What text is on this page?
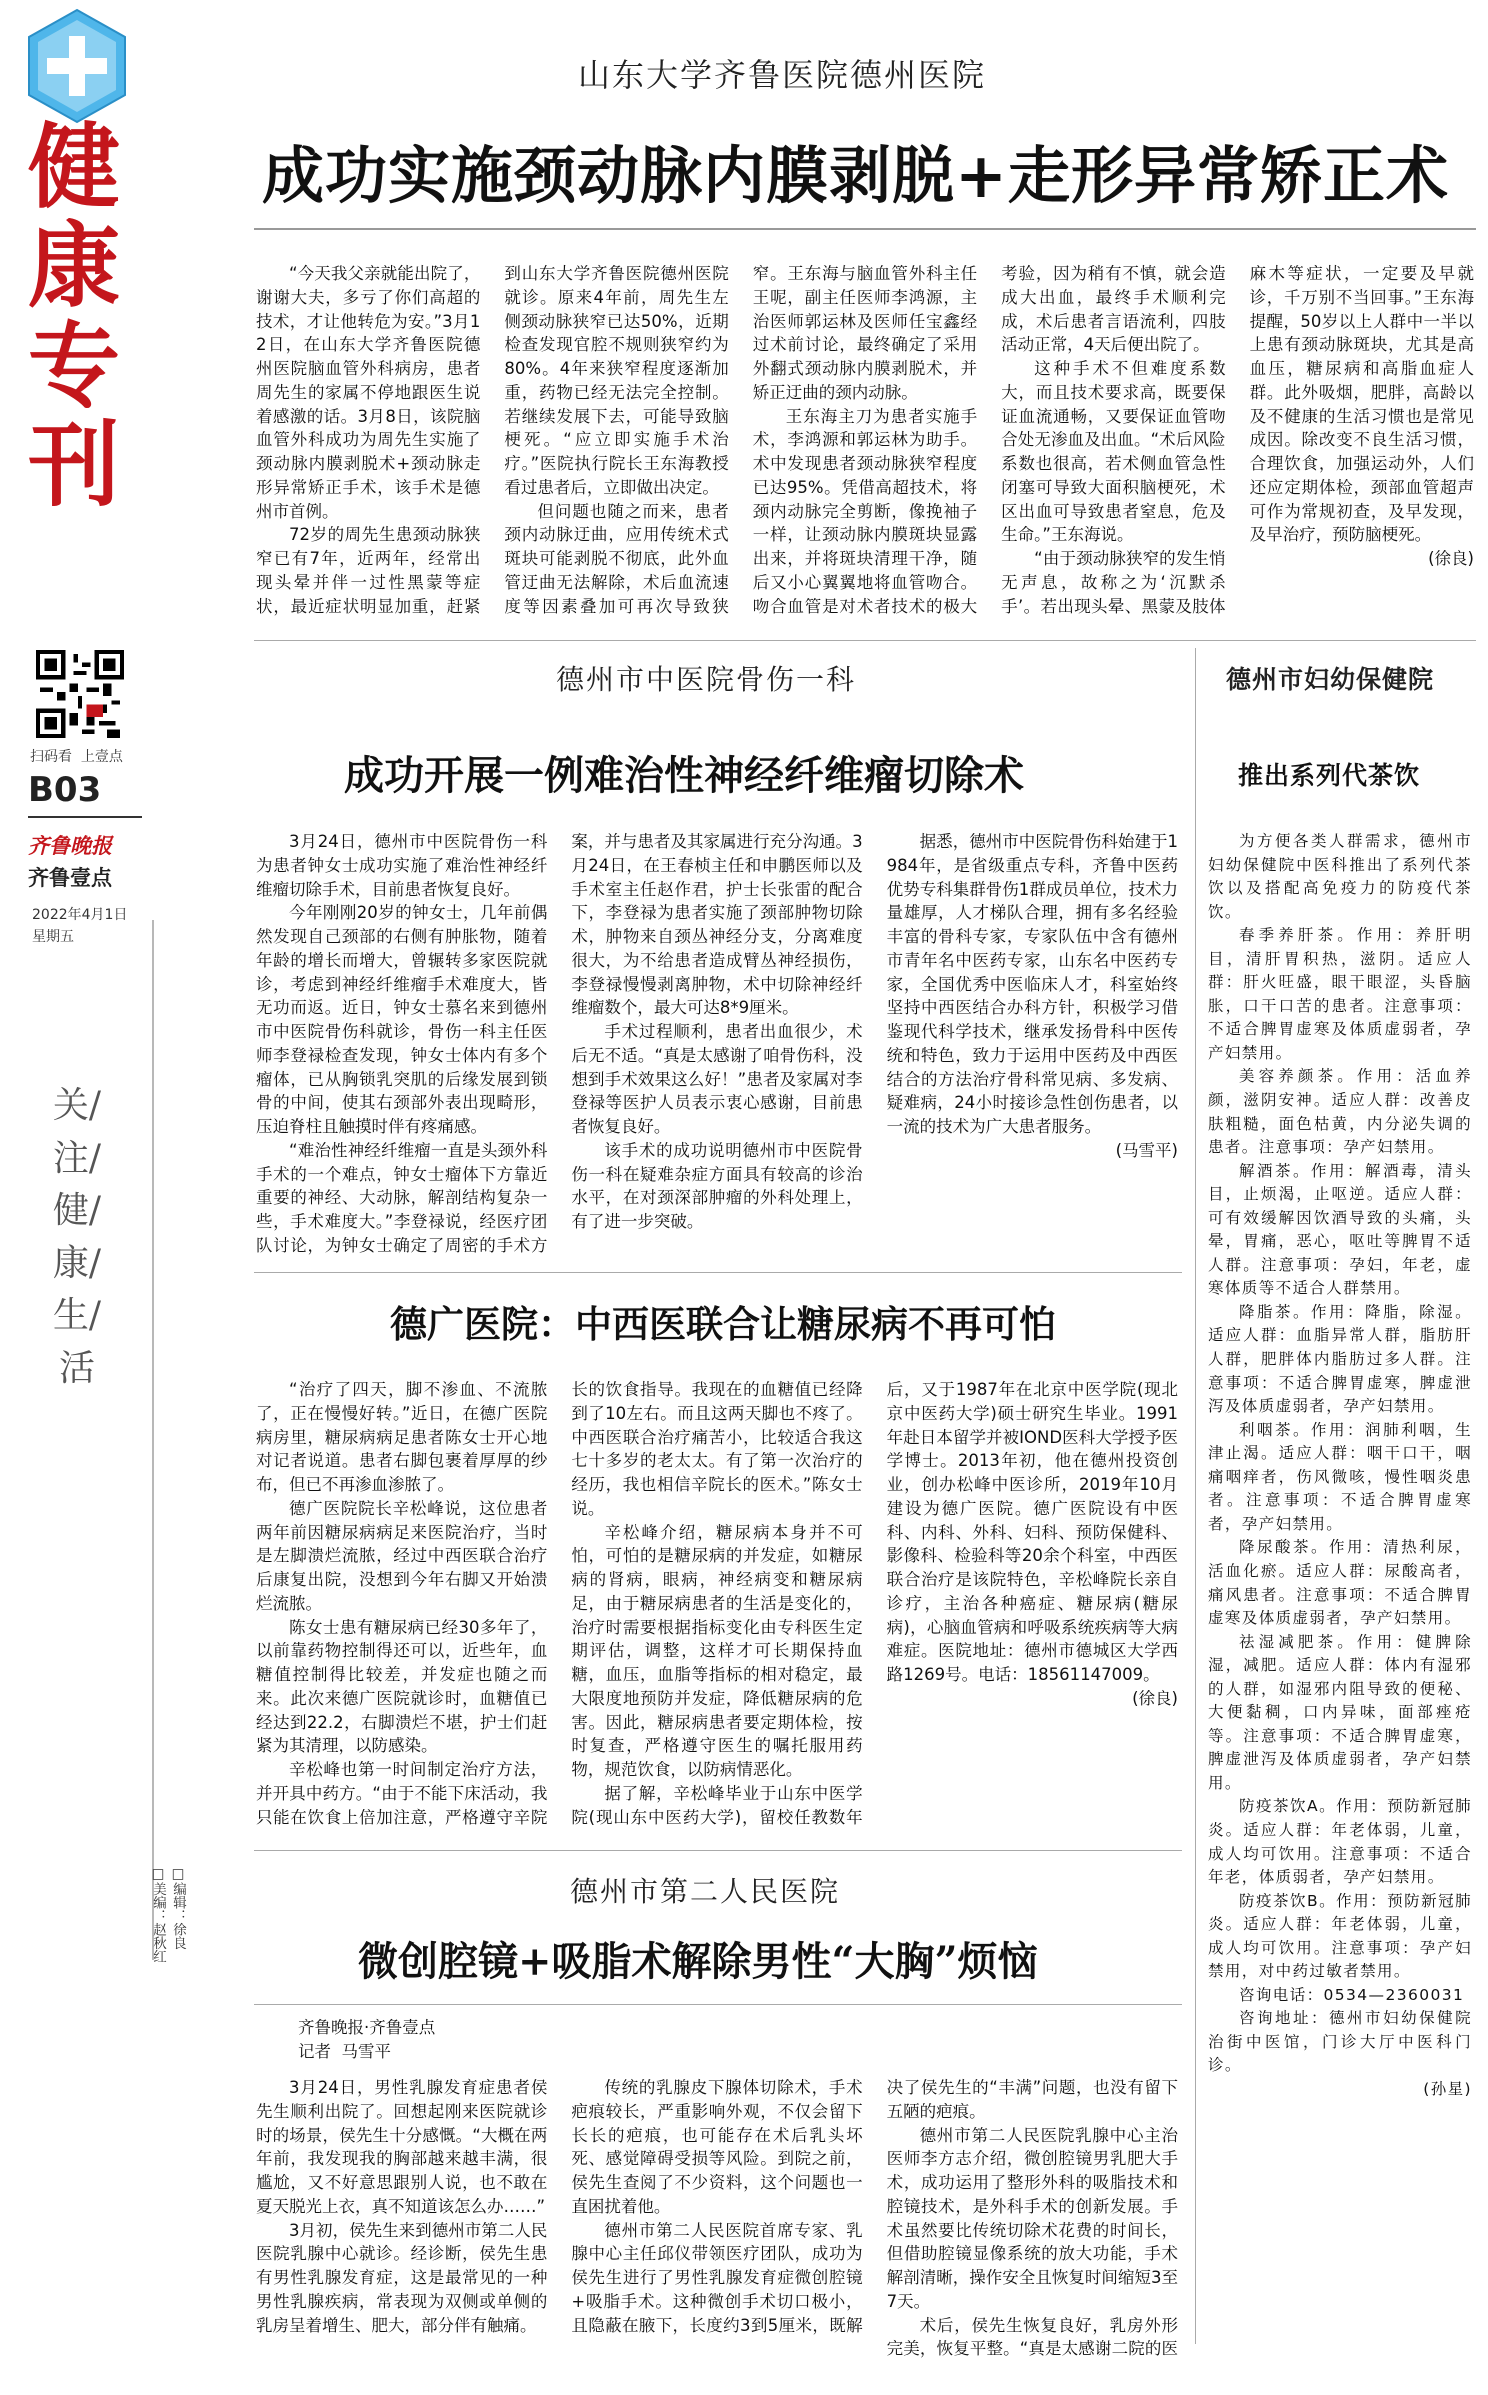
健康专刊
扫码看  上壹点
B03
齐鲁晚报
齐鲁壹点
2022年4月1日
星期五
关/注/健/康/生/活
□美编：赵秋红 □编辑：徐良
山东大学齐鲁医院德州医院
成功实施颈动脉内膜剥脱+走形异常矫正术

“今天我父亲就能出院了，谢谢大夫，多亏了你们高超的技术，才让他转危为安。”3月12日，在山东大学齐鲁医院德州医院脑血管外科病房，患者周先生的家属不停地跟医生说着感激的话。3月8日，该院脑血管外科成功为周先生实施了颈动脉内膜剥脱术+颈动脉走形异常矫正手术，该手术是德州市首例。

72岁的周先生患颈动脉狭窄已有7年，近两年，经常出现头晕并伴一过性黑蒙等症状，最近症状明显加重，赶紧到山东大学齐鲁医院德州医院就诊。原来4年前，周先生左侧颈动脉狭窄已达50%，近期检查发现官腔不规则狭窄约为80%。4年来狭窄程度逐渐加重，药物已经无法完全控制。若继续发展下去，可能导致脑梗死。“应立即实施手术治疗。”医院执行院长王东海教授看过患者后，立即做出决定。

但问题也随之而来，患者颈内动脉迂曲，应用传统术式斑块可能剥脱不彻底，此外血管迂曲无法解除，术后血流速度等因素叠加可再次导致狭窄。王东海与脑血管外科主任王呢，副主任医师李鸿源，主治医师郭运林及医师任宝鑫经过术前讨论，最终确定了采用外翻式颈动脉内膜剥脱术，并矫正迂曲的颈内动脉。

王东海主刀为患者实施手术，李鸿源和郭运林为助手。术中发现患者颈动脉狭窄程度已达95%。凭借高超技术，将颈内动脉完全剪断，像挽袖子一样，让颈动脉内膜斑块显露出来，并将斑块清理干净，随后又小心翼翼地将血管吻合。吻合血管是对术者技术的极大考验，因为稍有不慎，就会造成大出血，最终手术顺利完成，术后患者言语流利，四肢活动正常，4天后便出院了。

这种手术不但难度系数大，而且技术要求高，既要保证血流通畅，又要保证血管吻合处无渗血及出血。“术后风险系数也很高，若术侧血管急性闭塞可导致大面积脑梗死，术区出血可导致患者窒息，危及生命。”王东海说。

“由于颈动脉狭窄的发生悄无声息，故称之为‘沉默杀手’。若出现头晕、黑蒙及肢体麻木等症状，一定要及早就诊，千万别不当回事。”王东海提醒，50岁以上人群中一半以上患有颈动脉斑块，尤其是高血压，糖尿病和高脂血症人群。此外吸烟，肥胖，高龄以及不健康的生活习惯也是常见成因。除改变不良生活习惯，合理饮食，加强运动外，人们还应定期体检，颈部血管超声可作为常规初查，及早发现，及早治疗，预防脑梗死。

(徐良)
德州市中医院骨伤一科
成功开展一例难治性神经纤维瘤切除术

3月24日，德州市中医院骨伤一科为患者钟女士成功实施了难治性神经纤维瘤切除手术，目前患者恢复良好。

今年刚刚20岁的钟女士，几年前偶然发现自己颈部的右侧有肿胀物，随着年龄的增长而增大，曾辗转多家医院就诊，考虑到神经纤维瘤手术难度大，皆无功而返。近日，钟女士慕名来到德州市中医院骨伤科就诊，骨伤一科主任医师李登禄检查发现，钟女士体内有多个瘤体，已从胸锁乳突肌的后缘发展到锁骨的中间，使其右颈部外表出现畸形，压迫脊柱且触摸时伴有疼痛感。

“难治性神经纤维瘤一直是头颈外科手术的一个难点，钟女士瘤体下方靠近重要的神经、大动脉，解剖结构复杂一些，手术难度大。”李登禄说，经医疗团队讨论，为钟女士确定了周密的手术方案，并与患者及其家属进行充分沟通。3月24日，在王春桢主任和申鹏医师以及手术室主任赵作君，护士长张雷的配合下，李登禄为患者实施了颈部肿物切除术，肿物来自颈丛神经分支，分离难度很大，为不给患者造成臂丛神经损伤，李登禄慢慢剥离肿物，术中切除神经纤维瘤数个，最大可达8*9厘米。

手术过程顺利，患者出血很少，术后无不适。“真是太感谢了咱骨伤科，没想到手术效果这么好！”患者及家属对李登禄等医护人员表示衷心感谢，目前患者恢复良好。

该手术的成功说明德州市中医院骨伤一科在疑难杂症方面具有较高的诊治水平，在对颈深部肿瘤的外科处理上，有了进一步突破。

据悉，德州市中医院骨伤科始建于1984年，是省级重点专科，齐鲁中医药优势专科集群骨伤1群成员单位，技术力量雄厚，人才梯队合理，拥有多名经验丰富的骨科专家，专家队伍中含有德州市青年名中医药专家，山东名中医药专家，全国优秀中医临床人才，科室始终坚持中西医结合办科方针，积极学习借鉴现代科学技术，继承发扬骨科中医传统和特色，致力于运用中医药及中西医结合的方法治疗骨科常见病、多发病、疑难病，24小时接诊急性创伤患者，以一流的技术为广大患者服务。

(马雪平)
德州市妇幼保健院
推出系列代茶饮

为方便各类人群需求，德州市妇幼保健院中医科推出了系列代茶饮以及搭配高免疫力的防疫代茶饮。

春季养肝茶。作用：养肝明目，清肝胃积热，滋阴。适应人群：肝火旺盛，眼干眼涩，头昏脑胀，口干口苦的患者。注意事项：不适合脾胃虚寒及体质虚弱者，孕产妇禁用。

美容养颜茶。作用：活血养颜，滋阴安神。适应人群：改善皮肤粗糙，面色枯黄，内分泌失调的患者。注意事项：孕产妇禁用。

解酒茶。作用：解酒毒，清头目，止烦渴，止呕逆。适应人群：可有效缓解因饮酒导致的头痛，头晕，胃痛，恶心，呕吐等脾胃不适人群。注意事项：孕妇，年老，虚寒体质等不适合人群禁用。

降脂茶。作用：降脂，除湿。适应人群：血脂异常人群，脂肪肝人群，肥胖体内脂肪过多人群。注意事项：不适合脾胃虚寒，脾虚泄泻及体质虚弱者，孕产妇禁用。

利咽茶。作用：润肺利咽，生津止渴。适应人群：咽干口干，咽痛咽痒者，伤风微咳，慢性咽炎患者。注意事项：不适合脾胃虚寒者，孕产妇禁用。

降尿酸茶。作用：清热利尿，活血化瘀。适应人群：尿酸高者，痛风患者。注意事项：不适合脾胃虚寒及体质虚弱者，孕产妇禁用。

祛湿减肥茶。作用：健脾除湿，减肥。适应人群：体内有湿邪的人群，如湿邪内阻导致的便秘、大便黏稠，口内异味，面部痤疮等。注意事项：不适合脾胃虚寒，脾虚泄泻及体质虚弱者，孕产妇禁用。

防疫茶饮A。作用：预防新冠肺炎。适应人群：年老体弱，儿童，成人均可饮用。注意事项：不适合年老，体质弱者，孕产妇禁用。

防疫茶饮B。作用：预防新冠肺炎。适应人群：年老体弱，儿童，成人均可饮用。注意事项：孕产妇禁用，对中药过敏者禁用。

咨询电话：0534—2360031

咨询地址：德州市妇幼保健院治街中医馆，门诊大厅中医科门诊。

(孙星)
德广医院：中西医联合让糖尿病不再可怕

“治疗了四天，脚不渗血、不流脓了，正在慢慢好转。”近日，在德广医院病房里，糖尿病病足患者陈女士开心地对记者说道。患者右脚包裹着厚厚的纱布，但已不再渗血渗脓了。

德广医院院长辛松峰说，这位患者两年前因糖尿病病足来医院治疗，当时是左脚溃烂流脓，经过中西医联合治疗后康复出院，没想到今年右脚又开始溃烂流脓。

陈女士患有糖尿病已经30多年了，以前靠药物控制得还可以，近些年，血糖值控制得比较差，并发症也随之而来。此次来德广医院就诊时，血糖值已经达到22.2，右脚溃烂不堪，护士们赶紧为其清理，以防感染。

辛松峰也第一时间制定治疗方法，并开具中药方。“由于不能下床活动，我只能在饮食上倍加注意，严格遵守辛院长的饮食指导。我现在的血糖值已经降到了10左右。而且这两天脚也不疼了。中西医联合治疗痛苦小，比较适合我这七十多岁的老太太。有了第一次治疗的经历，我也相信辛院长的医术。”陈女士说。

辛松峰介绍，糖尿病本身并不可怕，可怕的是糖尿病的并发症，如糖尿病的肾病，眼病，神经病变和糖尿病足，由于糖尿病患者的生活是变化的，治疗时需要根据指标变化由专科医生定期评估，调整，这样才可长期保持血糖，血压，血脂等指标的相对稳定，最大限度地预防并发症，降低糖尿病的危害。因此，糖尿病患者要定期体检，按时复查，严格遵守医生的嘱托服用药物，规范饮食，以防病情恶化。

据了解，辛松峰毕业于山东中医学院(现山东中医药大学)，留校任教数年后，又于1987年在北京中医学院(现北京中医药大学)硕士研究生毕业。1991年赴日本留学并被IOND医科大学授予医学博士。2013年初，他在德州投资创业，创办松峰中医诊所，2019年10月建设为德广医院。德广医院设有中医科、内科、外科、妇科、预防保健科、影像科、检验科等20余个科室，中西医联合治疗是该院特色，辛松峰院长亲自诊疗，主治各种癌症、糖尿病(糖尿病)，心脑血管病和呼吸系统疾病等大病难症。医院地址：德州市德城区大学西路1269号。电话：18561147009。

(徐良)
德州市第二人民医院
微创腔镜+吸脂术解除男性“大胸”烦恼
齐鲁晚报·齐鲁壹点
记者  马雪平

3月24日，男性乳腺发育症患者侯先生顺利出院了。回想起刚来医院就诊时的场景，侯先生十分感慨。“大概在两年前，我发现我的胸部越来越丰满，很尴尬，又不好意思跟别人说，也不敢在夏天脱光上衣，真不知道该怎么办……”

3月初，侯先生来到德州市第二人民医院乳腺中心就诊。经诊断，侯先生患有男性乳腺发育症，这是最常见的一种男性乳腺疾病，常表现为双侧或单侧的乳房呈着增生、肥大，部分伴有触痛。

传统的乳腺皮下腺体切除术，手术疤痕较长，严重影响外观，不仅会留下长长的疤痕，也可能存在术后乳头坏死、感觉障碍受损等风险。到院之前，侯先生查阅了不少资料，这个问题也一直困扰着他。

德州市第二人民医院首席专家、乳腺中心主任邱仪带领医疗团队，成功为侯先生进行了男性乳腺发育症微创腔镜+吸脂手术。这种微创手术切口极小，且隐蔽在腋下，长度约3到5厘米，既解决了侯先生的“丰满”问题，也没有留下五陋的疤痕。

德州市第二人民医院乳腺中心主治医师李方志介绍，微创腔镜男乳肥大手术，成功运用了整形外科的吸脂技术和腔镜技术，是外科手术的创新发展。手术虽然要比传统切除术花费的时间长，但借助腔镜显像系统的放大功能，手术解剖清晰，操作安全且恢复时间缩短3至7天。

术后，侯先生恢复良好，乳房外形完美，恢复平整。“真是太感谢二院的医
